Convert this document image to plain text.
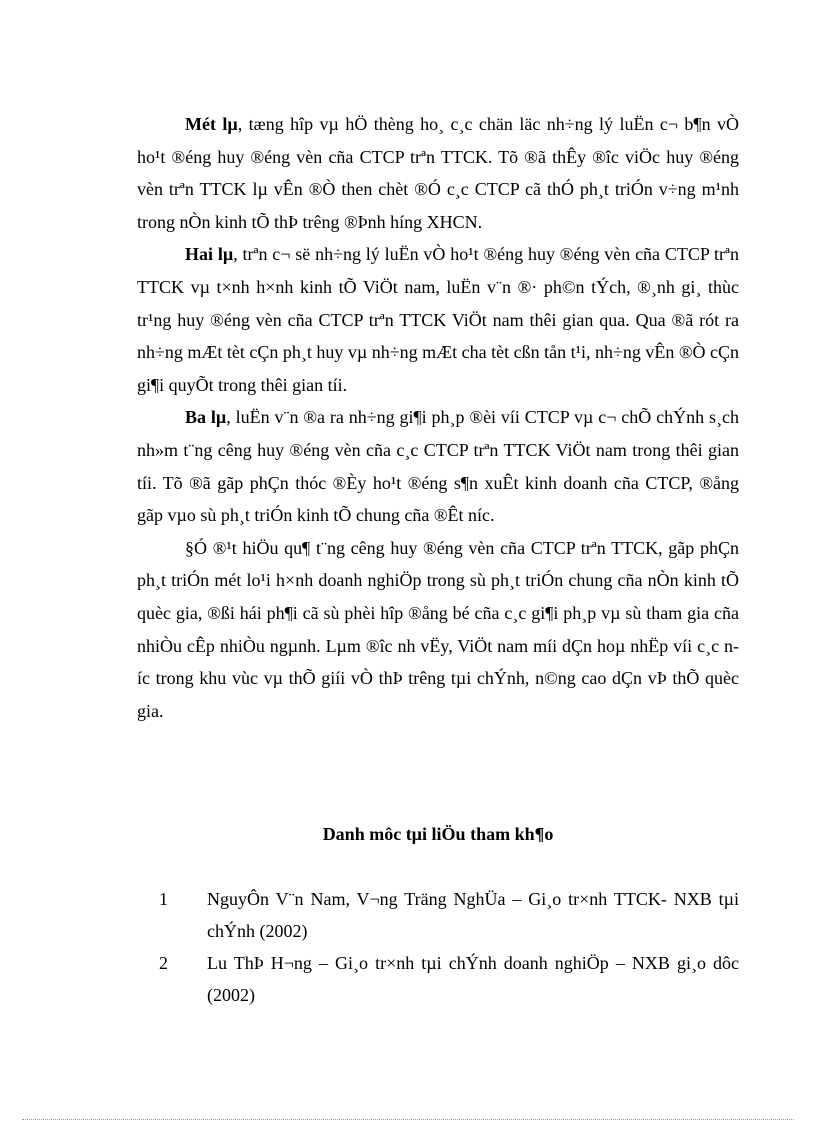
Mét lµ, tæng hîp vµ hÖ thèng ho¸ c¸c chän läc nh÷ng lý luËn c¬ b¶n vÒ ho¹t ®éng huy ®éng vèn cña CTCP trªn TTCK. Tõ ®ã thÊy ®îc viÖc huy ®éng vèn trªn TTCK lµ vÊn ®Ò then chèt ®Ó c¸c CTCP cã thÓ ph¸t triÓn v÷ng m¹nh trong nÒn kinh tÕ thÞ trêng ®Þnh híng XHCN.

Hai lµ, trªn c¬ së nh÷ng lý luËn vÒ ho¹t ®éng huy ®éng vèn cña CTCP trªn TTCK vµ t×nh h×nh kinh tÕ ViÖt nam, luËn v¨n ®· ph©n tÝch, ®¸nh gi¸ thùc tr¹ng huy ®éng vèn cña CTCP trªn TTCK ViÖt nam thêi gian qua. Qua ®ã rót ra nh÷ng mÆt tèt cÇn ph¸t huy vµ nh÷ng mÆt cha tèt cßn tån t¹i, nh÷ng vÊn ®Ò cÇn gi¶i quyÕt trong thêi gian tíi.

Ba lµ, luËn v¨n ®a ra nh÷ng gi¶i ph¸p ®èi víi CTCP vµ c¬ chÕ chÝnh s¸ch nh»m t¨ng cêng huy ®éng vèn cña c¸c CTCP trªn TTCK ViÖt nam trong thêi gian tíi. Tõ ®ã gãp phÇn thóc ®Èy ho¹t ®éng s¶n xuÊt kinh doanh cña CTCP, ®ång gãp vµo sù ph¸t triÓn kinh tÕ chung cña ®Êt níc.

§Ó ®¹t hiÖu qu¶ t¨ng cêng huy ®éng vèn cña CTCP trªn TTCK, gãp phÇn ph¸t triÓn mét lo¹i h×nh doanh nghiÖp trong sù ph¸t triÓn chung cña nÒn kinh tÕ quèc gia, ®ßi hái ph¶i cã sù phèi hîp ®ång bé cña c¸c gi¶i ph¸p vµ sù tham gia cña nhiÒu cÊp nhiÒu ngµnh. Lµm ®îc nh vËy, ViÖt nam míi dÇn hoµ nhËp víi c¸c níc trong khu vùc vµ thÕ giíi vÒ thÞ trêng tµi chÝnh, n©ng cao dÇn vÞ thÕ quèc gia.

Danh môc tµi liÖu tham kh¶o
1	NguyÔn V¨n Nam, V¬ng Träng NghÜa – Gi¸o tr×nh TTCK- NXB tµi chÝnh (2002)
2	Lu ThÞ H¬ng – Gi¸o tr×nh tµi chÝnh doanh nghiÖp – NXB gi¸o dôc (2002)
